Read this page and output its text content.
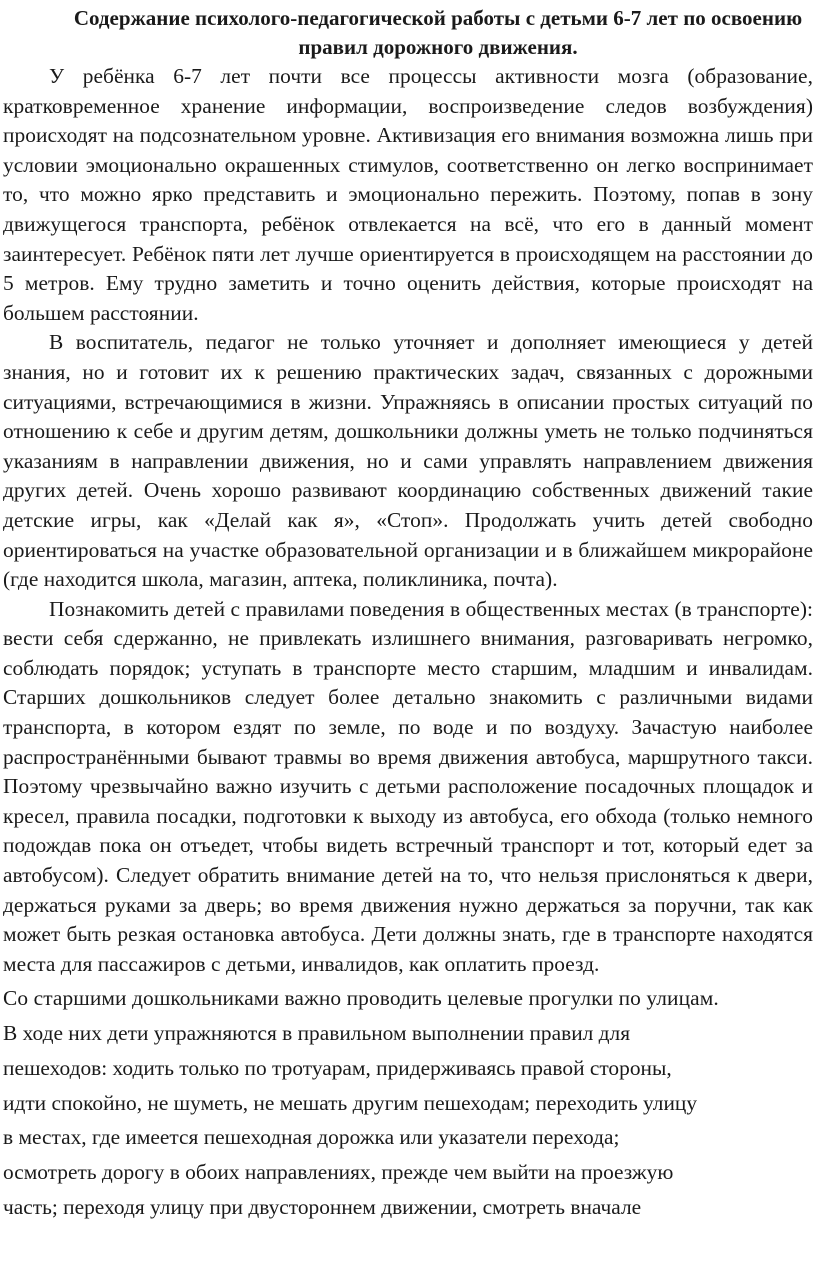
Содержание психолого-педагогической работы с детьми 6-7 лет по освоению правил дорожного движения.

У ребёнка 6-7 лет почти все процессы активности мозга (образование, кратковременное хранение информации, воспроизведение следов возбуждения) происходят на подсознательном уровне. Активизация его внимания возможна лишь при условии эмоционально окрашенных стимулов, соответственно он легко воспринимает то, что можно ярко представить и эмоционально пережить. Поэтому, попав в зону движущегося транспорта, ребёнок отвлекается на всё, что его в данный момент заинтересует. Ребёнок пяти лет лучше ориентируется в происходящем на расстоянии до 5 метров. Ему трудно заметить и точно оценить действия, которые происходят на большем расстоянии.

В воспитатель, педагог не только уточняет и дополняет имеющиеся у детей знания, но и готовит их к решению практических задач, связанных с дорожными ситуациями, встречающимися в жизни. Упражняясь в описании простых ситуаций по отношению к себе и другим детям, дошкольники должны уметь не только подчиняться указаниям в направлении движения, но и сами управлять направлением движения других детей. Очень хорошо развивают координацию собственных движений такие детские игры, как «Делай как я», «Стоп». Продолжать учить детей свободно ориентироваться на участке образовательной организации и в ближайшем микрорайоне (где находится школа, магазин, аптека, поликлиника, почта).

Познакомить детей с правилами поведения в общественных местах (в транспорте): вести себя сдержанно, не привлекать излишнего внимания, разговаривать негромко, соблюдать порядок; уступать в транспорте место старшим, младшим и инвалидам. Старших дошкольников следует более детально знакомить с различными видами транспорта, в котором ездят по земле, по воде и по воздуху. Зачастую наиболее распространёнными бывают травмы во время движения автобуса, маршрутного такси. Поэтому чрезвычайно важно изучить с детьми расположение посадочных площадок и кресел, правила посадки, подготовки к выходу из автобуса, его обхода (только немного подождав пока он отъедет, чтобы видеть встречный транспорт и тот, который едет за автобусом). Следует обратить внимание детей на то, что нельзя прислоняться к двери, держаться руками за дверь; во время движения нужно держаться за поручни, так как может быть резкая остановка автобуса. Дети должны знать, где в транспорте находятся места для пассажиров с детьми, инвалидов, как оплатить проезд.

Со старшими дошкольниками важно проводить целевые прогулки по улицам.

В ходе них дети упражняются в правильном выполнении правил для

пешеходов: ходить только по тротуарам, придерживаясь правой стороны,

идти спокойно, не шуметь, не мешать другим пешеходам; переходить улицу

в местах, где имеется пешеходная дорожка или указатели перехода;

осмотреть дорогу в обоих направлениях, прежде чем выйти на проезжую

часть; переходя улицу при двустороннем движении, смотреть вначале
